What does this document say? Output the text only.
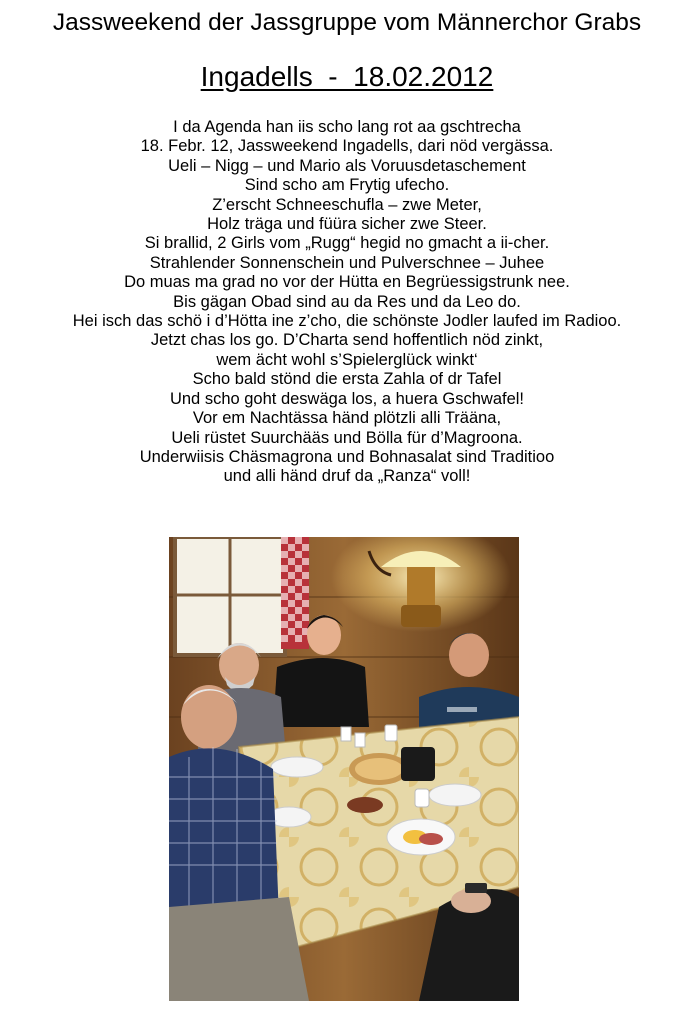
Jassweekend der Jassgruppe vom Männerchor Grabs
Ingadells  -  18.02.2012
I da Agenda han iis scho lang rot aa gschtrecha
18. Febr. 12, Jassweekend Ingadells, dari nöd vergässa.
Ueli – Nigg – und Mario als Voruusdetaschement
Sind scho am Frytig ufecho.
Z’erscht Schneeschufla – zwe Meter,
Holz träga und füüra sicher zwe Steer.
Si brallid, 2 Girls vom „Rugg“ hegid no gmacht a ii-cher.
Strahlender Sonnenschein und Pulverschnee – Juhee
Do muas ma grad no vor der Hütta en Begrüessigstrunk nee.
Bis gägan Obad sind au da Res und da Leo do.
Hei isch das schö i d’Hötta ine z’cho, die schönste Jodler laufed im Radioo.
Jetzt chas los go. D’Charta send hoffentlich nöd zinkt,
wem ächt wohl s’Spielerglück winkt‘
Scho bald stönd die ersta Zahla of dr Tafel
Und scho goht deswäga los, a huera Gschwafel!
Vor em Nachtässa händ plötzli alli Trääna,
Ueli rüstet Suurchääs und Bölla für d’Magroona.
Underwiisis Chäsmagrona und Bohnasalat sind Traditioo
und alli händ druf da „Ranza“ voll!
